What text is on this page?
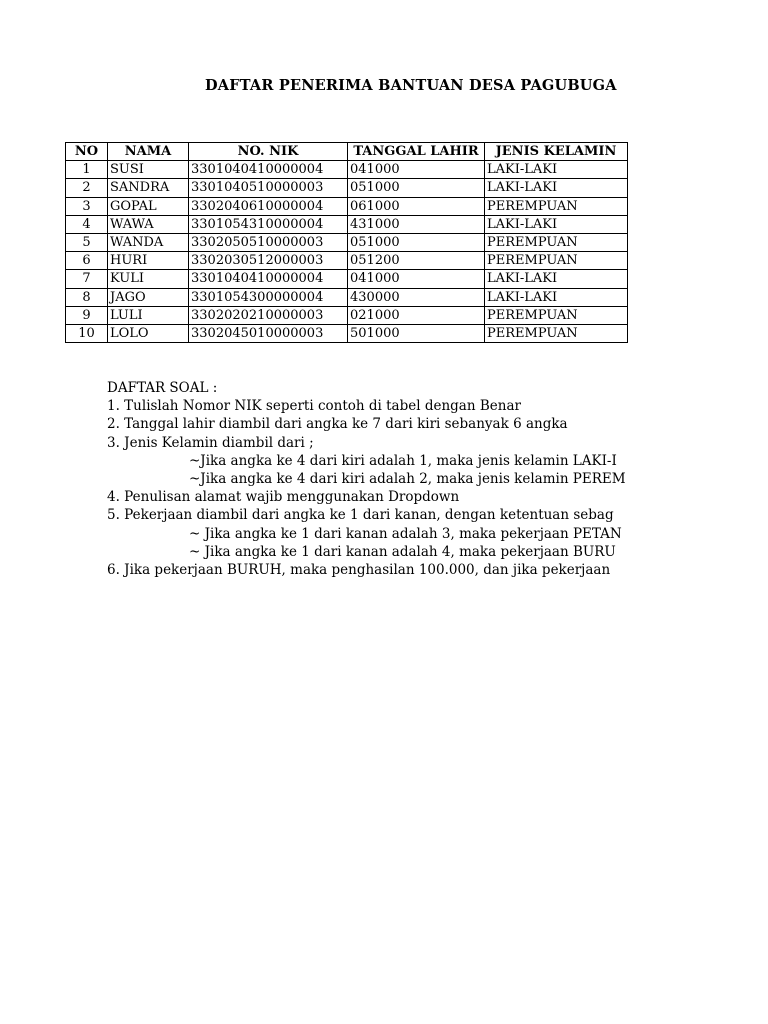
DAFTAR PENERIMA BANTUAN DESA PAGUBUGA
NO	NAMA	NO. NIK	TANGGAL LAHIR	JENIS KELAMIN
1	SUSI	3301040410000004	041000	LAKI-LAKI
2	SANDRA	3301040510000003	051000	LAKI-LAKI
3	GOPAL	3302040610000004	061000	PEREMPUAN
4	WAWA	3301054310000004	431000	LAKI-LAKI
5	WANDA	3302050510000003	051000	PEREMPUAN
6	HURI	3302030512000003	051200	PEREMPUAN
7	KULI	3301040410000004	041000	LAKI-LAKI
8	JAGO	3301054300000004	430000	LAKI-LAKI
9	LULI	3302020210000003	021000	PEREMPUAN
10	LOLO	3302045010000003	501000	PEREMPUAN
DAFTAR SOAL :
1. Tulislah Nomor NIK seperti contoh di tabel dengan Benar
2. Tanggal lahir diambil dari angka ke 7 dari kiri sebanyak 6 angka
3. Jenis Kelamin diambil dari ;
~Jika angka ke 4 dari kiri adalah 1, maka jenis kelamin LAKI-I
~Jika angka ke 4 dari kiri adalah 2, maka jenis kelamin PEREM
4. Penulisan alamat wajib menggunakan Dropdown
5. Pekerjaan diambil dari angka ke 1 dari kanan, dengan ketentuan sebag
~ Jika angka ke 1 dari kanan adalah 3, maka pekerjaan PETAN
~ Jika angka ke 1 dari kanan adalah 4, maka pekerjaan BURU
6. Jika pekerjaan BURUH, maka penghasilan 100.000, dan jika pekerjaan
